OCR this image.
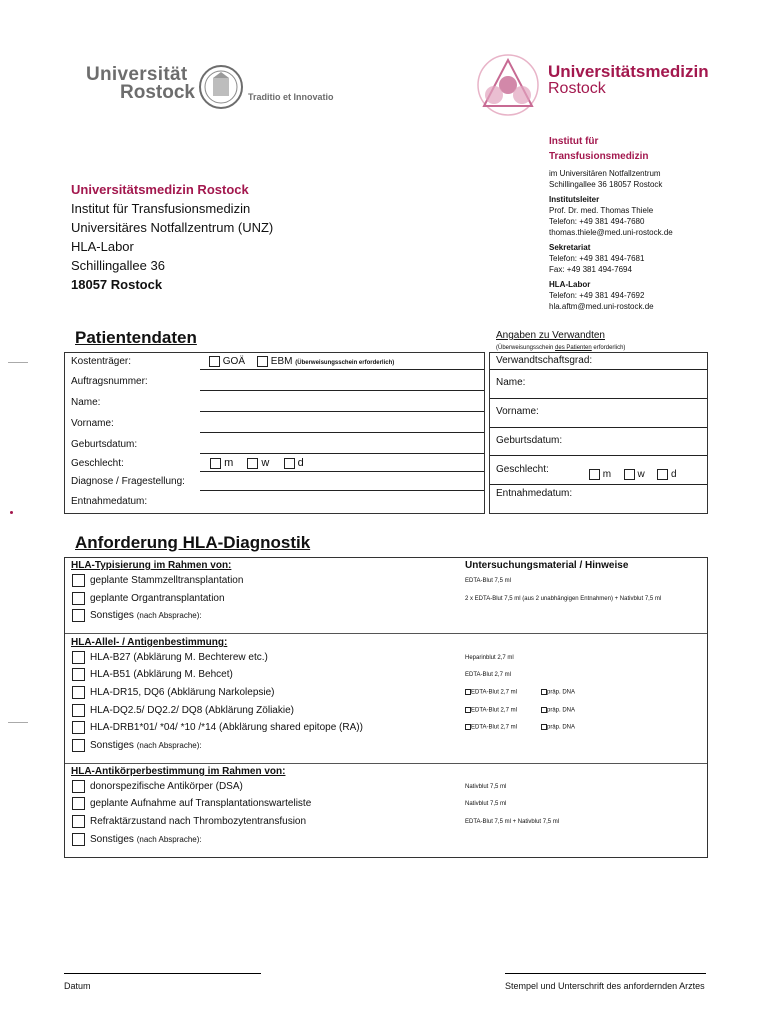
Universität
Rostock	Traditio et Innovatio
Universitätsmedizin
Rostock
Institut für
Transfusionsmedizin
im Universitären Notfallzentrum
Schillingallee 36 18057 Rostock
Institutsleiter
Prof. Dr. med. Thomas Thiele
Telefon: +49 381 494-7680
thomas.thiele@med.uni-rostock.de
Sekretariat
Telefon: +49 381 494-7681
Fax: +49 381 494-7694
HLA-Labor
Telefon: +49 381 494-7692
hla.aftm@med.uni-rostock.de
Universitätsmedizin Rostock
Institut für Transfusionsmedizin
Universitäres Notfallzentrum (UNZ)
HLA-Labor
Schillingallee 36
18057 Rostock
Patientendaten
Kostenträger:	GOÄ	EBM (Überweisungsschein erforderlich)
Auftragsnummer:
Name:
Vorname:
Geburtsdatum:
Geschlecht:	m	w	d
Diagnose / Fragestellung:
Entnahmedatum:
Angaben zu Verwandten
(Überweisungsschein des Patienten erforderlich)
Verwandtschaftsgrad:
Name:
Vorname:
Geburtsdatum:
Geschlecht:	m	w	d
Entnahmedatum:
Anforderung HLA-Diagnostik
HLA-Typisierung im Rahmen von:	Untersuchungsmaterial / Hinweise
geplante Stammzelltransplantation	EDTA-Blut 7,5 ml
geplante Organtransplantation	2 x EDTA-Blut 7,5 ml (aus 2 unabhängigen Entnahmen) + Nativblut 7,5 ml
Sonstiges (nach Absprache):
HLA-Allel- / Antigenbestimmung:
HLA-B27 (Abklärung M. Bechterew etc.)	Heparinblut 2,7 ml
HLA-B51 (Abklärung M. Behcet)	EDTA-Blut 2,7 ml
HLA-DR15, DQ6 (Abklärung Narkolepsie)	EDTA-Blut 2,7 ml	präp. DNA
HLA-DQ2.5/ DQ2.2/ DQ8 (Abklärung Zöliakie)	EDTA-Blut 2,7 ml	präp. DNA
HLA-DRB1*01/ *04/ *10 /*14 (Abklärung shared epitope (RA))	EDTA-Blut 2,7 ml	präp. DNA
Sonstiges (nach Absprache):
HLA-Antikörperbestimmung im Rahmen von:
donorspezifische Antikörper (DSA)	Nativblut 7,5 ml
geplante Aufnahme auf Transplantationswarteliste	Nativblut 7,5 ml
Refraktärzustand nach Thrombozytentransfusion	EDTA-Blut 7,5 ml + Nativblut 7,5 ml
Sonstiges (nach Absprache):
Datum	Stempel und Unterschrift des anfordernden Arztes
